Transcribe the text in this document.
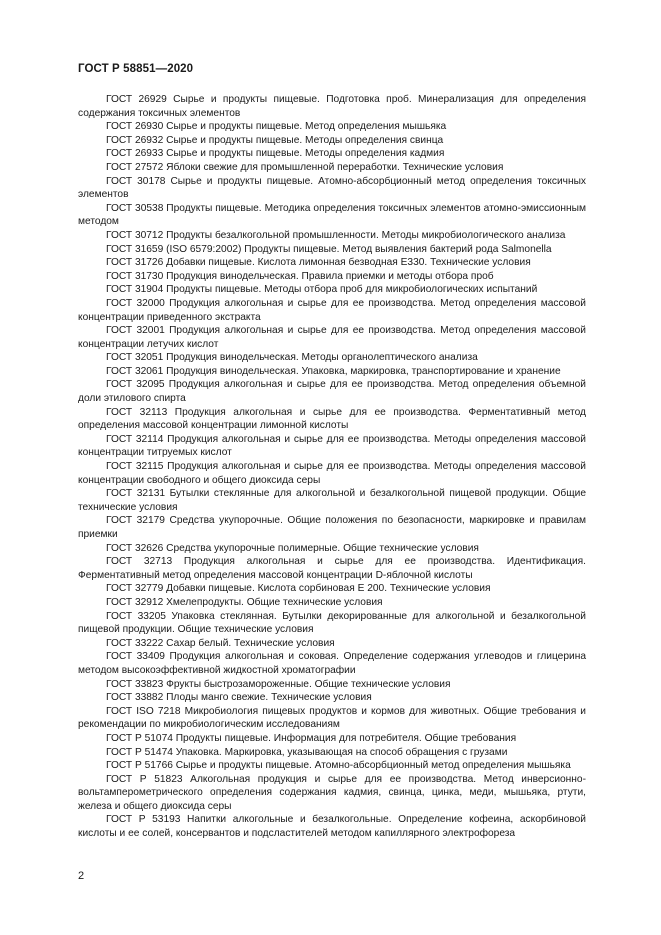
ГОСТ Р 58851—2020

ГОСТ 26929 Сырье и продукты пищевые. Подготовка проб. Минерализация для определения содержания токсичных элементов

ГОСТ 26930 Сырье и продукты пищевые. Метод определения мышьяка

ГОСТ 26932 Сырье и продукты пищевые. Методы определения свинца

ГОСТ 26933 Сырье и продукты пищевые. Методы определения кадмия

ГОСТ 27572 Яблоки свежие для промышленной переработки. Технические условия

ГОСТ 30178 Сырье и продукты пищевые. Атомно-абсорбционный метод определения токсичных элементов

ГОСТ 30538 Продукты пищевые. Методика определения токсичных элементов атомно-эмиссионным методом

ГОСТ 30712 Продукты безалкогольной промышленности. Методы микробиологического анализа

ГОСТ 31659 (ISO 6579:2002) Продукты пищевые. Метод выявления бактерий рода Salmonella

ГОСТ 31726 Добавки пищевые. Кислота лимонная безводная Е330. Технические условия

ГОСТ 31730 Продукция винодельческая. Правила приемки и методы отбора проб

ГОСТ 31904 Продукты пищевые. Методы отбора проб для микробиологических испытаний

ГОСТ 32000 Продукция алкогольная и сырье для ее производства. Метод определения массовой концентрации приведенного экстракта

ГОСТ 32001 Продукция алкогольная и сырье для ее производства. Метод определения массовой концентрации летучих кислот

ГОСТ 32051 Продукция винодельческая. Методы органолептического анализа

ГОСТ 32061 Продукция винодельческая. Упаковка, маркировка, транспортирование и хранение

ГОСТ 32095 Продукция алкогольная и сырье для ее производства. Метод определения объемной доли этилового спирта

ГОСТ 32113 Продукция алкогольная и сырье для ее производства. Ферментативный метод определения массовой концентрации лимонной кислоты

ГОСТ 32114 Продукция алкогольная и сырье для ее производства. Методы определения массовой концентрации титруемых кислот

ГОСТ 32115 Продукция алкогольная и сырье для ее производства. Методы определения массовой концентрации свободного и общего диоксида серы

ГОСТ 32131 Бутылки стеклянные для алкогольной и безалкогольной пищевой продукции. Общие технические условия

ГОСТ 32179 Средства укупорочные. Общие положения по безопасности, маркировке и правилам приемки

ГОСТ 32626 Средства укупорочные полимерные. Общие технические условия

ГОСТ 32713 Продукция алкогольная и сырье для ее производства. Идентификация. Ферментативный метод определения массовой концентрации D-яблочной кислоты

ГОСТ 32779 Добавки пищевые. Кислота сорбиновая Е 200. Технические условия

ГОСТ 32912 Хмелепродукты. Общие технические условия

ГОСТ 33205 Упаковка стеклянная. Бутылки декорированные для алкогольной и безалкогольной пищевой продукции. Общие технические условия

ГОСТ 33222 Сахар белый. Технические условия

ГОСТ 33409 Продукция алкогольная и соковая. Определение содержания углеводов и глицерина методом высокоэффективной жидкостной хроматографии

ГОСТ 33823 Фрукты быстрозамороженные. Общие технические условия

ГОСТ 33882 Плоды манго свежие. Технические условия

ГОСТ ISO 7218 Микробиология пищевых продуктов и кормов для животных. Общие требования и рекомендации по микробиологическим исследованиям

ГОСТ Р 51074 Продукты пищевые. Информация для потребителя. Общие требования

ГОСТ Р 51474 Упаковка. Маркировка, указывающая на способ обращения с грузами

ГОСТ Р 51766 Сырье и продукты пищевые. Атомно-абсорбционный метод определения мышьяка

ГОСТ Р 51823 Алкогольная продукция и сырье для ее производства. Метод инверсионно-вольтамперометрического определения содержания кадмия, свинца, цинка, меди, мышьяка, ртути, железа и общего диоксида серы

ГОСТ Р 53193 Напитки алкогольные и безалкогольные. Определение кофеина, аскорбиновой кислоты и ее солей, консервантов и подсластителей методом капиллярного электрофореза

2
